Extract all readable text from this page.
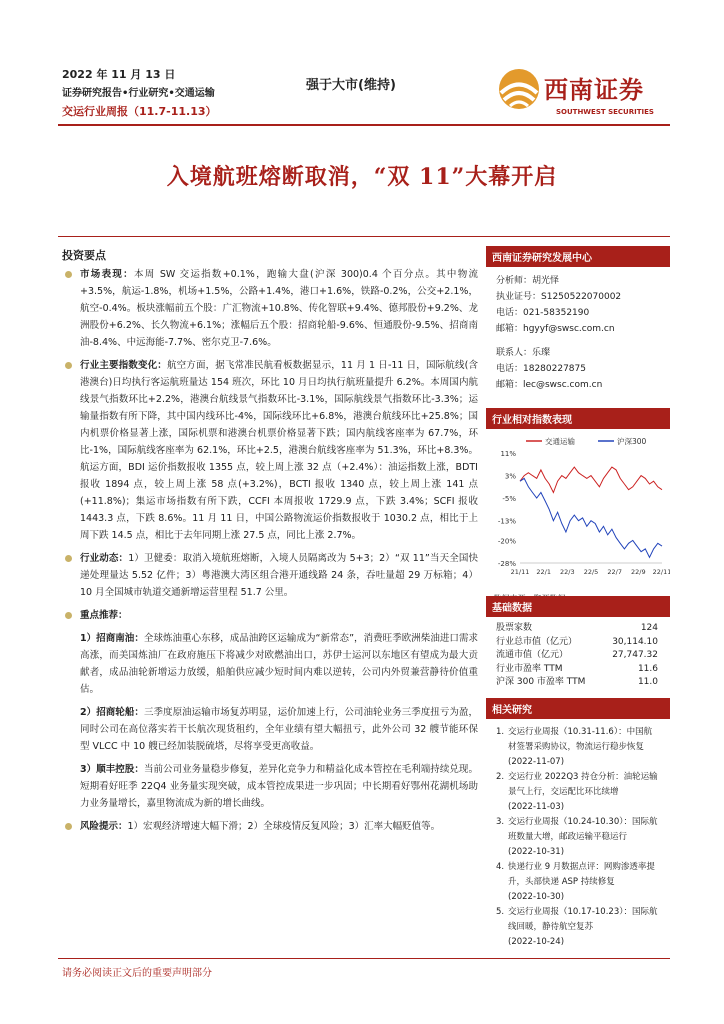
2022 年 11 月 13 日
证券研究报告•行业研究•交通运输
交运行业周报（11.7-11.13）
强于大市(维持)	西南证券
SOUTHWEST SECURITIES
入境航班熔断取消，“双 11”大幕开启
投资要点
市场表现：本周 SW 交运指数+0.1%，跑输大盘(沪深 300)0.4 个百分点。其中物流+3.5%，航运-1.8%，机场+1.5%，公路+1.4%，港口+1.6%，铁路-0.2%，公交+2.1%，航空-0.4%。板块涨幅前五个股：广汇物流+10.8%、传化智联+9.4%、德邦股份+9.2%、龙洲股份+6.2%、长久物流+6.1%；涨幅后五个股：招商轮船-9.6%、恒通股份-9.5%、招商南油-8.4%、中远海能-7.7%、密尔克卫-7.6%。
行业主要指数变化：航空方面，据飞常准民航看板数据显示，11 月 1 日-11 日，国际航线(含港澳台)日均执行客运航班量达 154 班次，环比 10 月日均执行航班量提升 6.2%。本周国内航线景气指数环比+2.2%，港澳台航线景气指数环比-3.1%，国际航线景气指数环比-3.3%；运输量指数有所下降，其中国内线环比-4%，国际线环比+6.8%，港澳台航线环比+25.8%；国内机票价格显著上涨，国际机票和港澳台机票价格显著下跌；国内航线客座率为 67.7%，环比-1%，国际航线客座率为 62.1%，环比+2.5，港澳台航线客座率为 51.3%，环比+8.3%。航运方面，BDI 运价指数报收 1355 点，较上周上涨 32 点（+2.4%）：油运指数上涨，BDTI 报收 1894 点，较上周上涨 58 点(+3.2%)，BCTI 报收 1340 点，较上周上涨 141 点(+11.8%)；集运市场指数有所下跌，CCFI 本周报收 1729.9 点，下跌 3.4%；SCFI 报收 1443.3 点，下跌 8.6%。11 月 11 日，中国公路物流运价指数报收于 1030.2 点，相比于上周下跌 14.5 点，相比于去年同期上涨 27.5 点，同比上涨 2.7%。
行业动态：1）卫健委：取消入境航班熔断，入境人员隔离改为 5+3；2）“双 11”当天全国快递处理量达 5.52 亿件；3）粤港澳大湾区组合港开通线路 24 条，吞吐量超 29 万标箱；4）10 月全国城市轨道交通新增运营里程 51.7 公里。
重点推荐：
1）招商南油：全球炼油重心东移，成品油跨区运输成为“新常态”，消费旺季欧洲柴油进口需求高涨，而美国炼油厂在政府施压下将减少对欧燃油出口，苏伊士运河以东地区有望成为最大贡献者，成品油轮新增运力放缓，船舶供应减少短时间内难以逆转，公司内外贸兼营静待价值重估。
2）招商轮船：三季度原油运输市场复苏明显，运价加速上行，公司油轮业务三季度扭亏为盈，同时公司在高位落实若干长航次现货租约，全年业绩有望大幅扭亏，此外公司 32 艘节能环保型 VLCC 中 10 艘已经加装脱硫塔，尽将享受更高收益。
3）顺丰控股：当前公司业务量稳步修复，差异化竞争力和精益化成本管控在毛利端持续兑现。短期看好旺季 22Q4 业务量实现突破，成本管控成果进一步巩固；中长期看好鄂州花湖机场助力业务量增长，嘉里物流成为新的增长曲线。
风险提示：1）宏观经济增速大幅下滑；2）全球疫情反复风险；3）汇率大幅贬值等。
西南证券研究发展中心
分析师：胡光怿
执业证号：S1250522070002
电话：021-58352190
邮箱：hgyyf@swsc.com.cn
联系人：乐璨
电话：18280227875
邮箱：lec@swsc.com.cn
行业相对指数表现
交通运输	沪深300
11%
3%
-5%
-13%
-20%
-28%
21/11 22/1 22/3 22/5 22/7 22/9 22/11
基础数据
股票家数	124
行业总市值（亿元）	30,114.10
流通市值（亿元）	27,747.32
行业市盈率 TTM	11.6
沪深 300 市盈率 TTM	11.0
相关研究
1. 交运行业周报（10.31-11.6）：中国航材签署采购协议，物流运行稳步恢复
(2022-11-07)
2. 交运行业 2022Q3 持仓分析：油轮运输景气上行，交运配比环比续增
(2022-11-03)
3. 交运行业周报（10.24-10.30）：国际航班数量大增，邮政运输平稳运行
(2022-10-31)
4. 快递行业 9 月数据点评：网购渗透率提升，头部快递 ASP 持续修复
(2022-10-30)
5. 交运行业周报（10.17-10.23）：国际航线回暖，静待航空复苏
(2022-10-24)
请务必阅读正文后的重要声明部分
